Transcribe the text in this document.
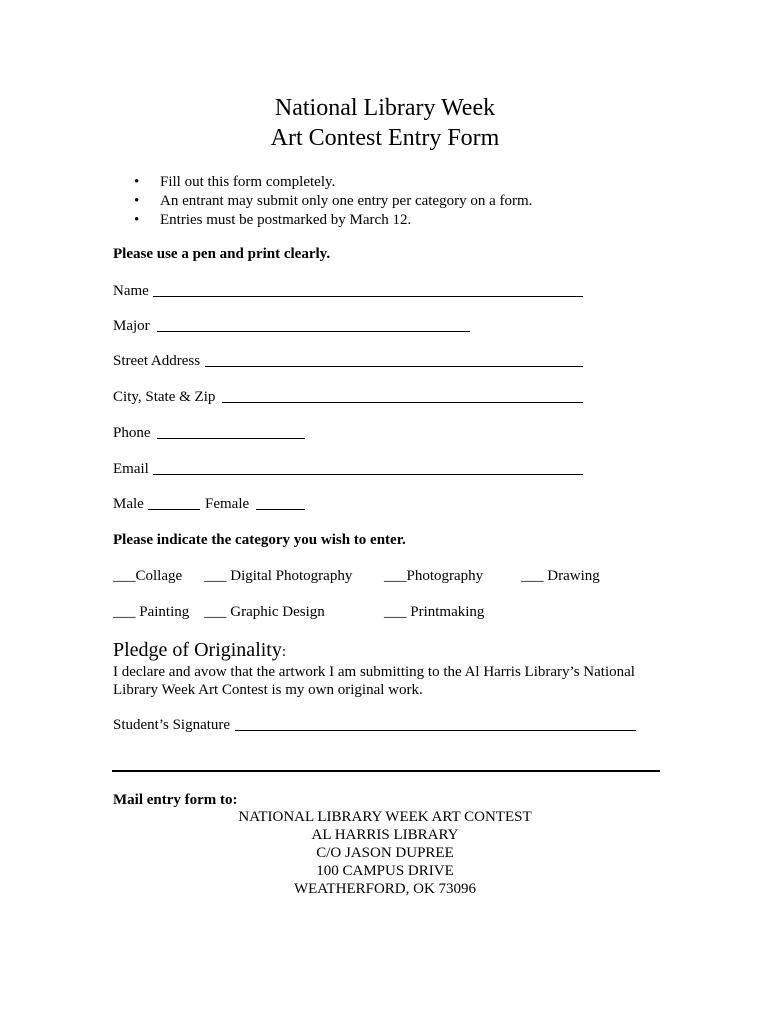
National Library Week
Art Contest Entry Form
• Fill out this form completely.
• An entrant may submit only one entry per category on a form.
• Entries must be postmarked by March 12.
Please use a pen and print clearly.
Name
Major
Street Address
City, State & Zip
Phone
Email
Male	Female
Please indicate the category you wish to enter.
___Collage ___ Digital Photography ___Photography	___ Drawing
___ Painting ___ Graphic Design	___ Printmaking
Pledge of Originality:
I declare and avow that the artwork I am submitting to the Al Harris Library’s National
Library Week Art Contest is my own original work.
Student’s Signature
Mail entry form to:
NATIONAL LIBRARY WEEK ART CONTEST
AL HARRIS LIBRARY
C/O JASON DUPREE
100 CAMPUS DRIVE
WEATHERFORD, OK 73096
